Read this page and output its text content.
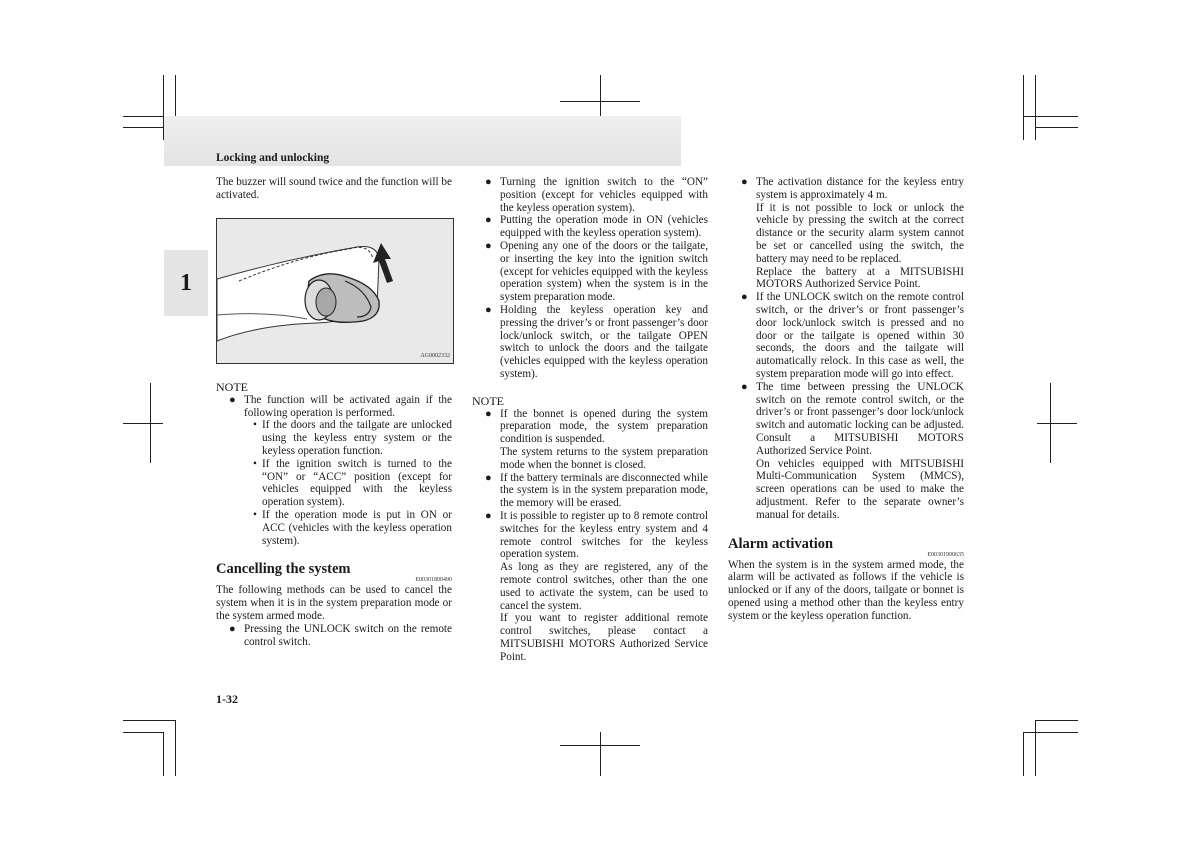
Locking and unlocking
1

The buzzer will sound twice and the function will be activated.

AG0002332

NOTE

● The function will be activated again if the following operation is performed.

• If the doors and the tailgate are unlocked using the keyless entry system or the keyless operation function.

• If the ignition switch is turned to the “ON” or “ACC” position (except for vehicles equipped with the keyless operation system).

• If the operation mode is put in ON or ACC (vehicles with the keyless operation system).

Cancelling the system

E00301800490

The following methods can be used to cancel the system when it is in the system preparation mode or the system armed mode.

● Pressing the UNLOCK switch on the remote control switch.

● Turning the ignition switch to the “ON” position (except for vehicles equipped with the keyless operation system).

● Putting the operation mode in ON (vehicles equipped with the keyless operation system).

● Opening any one of the doors or the tailgate, or inserting the key into the ignition switch (except for vehicles equipped with the keyless operation system) when the system is in the system preparation mode.

● Holding the keyless operation key and pressing the driver’s or front passenger’s door lock/unlock switch, or the tailgate OPEN switch to unlock the doors and the tailgate (vehicles equipped with the keyless operation system).

NOTE

● If the bonnet is opened during the system preparation mode, the system preparation condition is suspended.

The system returns to the system preparation mode when the bonnet is closed.

● If the battery terminals are disconnected while the system is in the system preparation mode, the memory will be erased.

● It is possible to register up to 8 remote control switches for the keyless entry system and 4 remote control switches for the keyless operation system.

As long as they are registered, any of the remote control switches, other than the one used to activate the system, can be used to cancel the system.

If you want to register additional remote control switches, please contact a MITSUBISHI MOTORS Authorized Service Point.

● The activation distance for the keyless entry system is approximately 4 m.

If it is not possible to lock or unlock the vehicle by pressing the switch at the correct distance or the security alarm system cannot be set or cancelled using the switch, the battery may need to be replaced.

Replace the battery at a MITSUBISHI MOTORS Authorized Service Point.

● If the UNLOCK switch on the remote control switch, or the driver’s or front passenger’s door lock/unlock switch is pressed and no door or the tailgate is opened within 30 seconds, the doors and the tailgate will automatically relock. In this case as well, the system preparation mode will go into effect.

● The time between pressing the UNLOCK switch on the remote control switch, or the driver’s or front passenger’s door lock/unlock switch and automatic locking can be adjusted. Consult a MITSUBISHI MOTORS Authorized Service Point.

On vehicles equipped with MITSUBISHI Multi-Communication System (MMCS), screen operations can be used to make the adjustment. Refer to the separate owner’s manual for details.

Alarm activation

E00301900635

When the system is in the system armed mode, the alarm will be activated as follows if the vehicle is unlocked or if any of the doors, tailgate or bonnet is opened using a method other than the keyless entry system or the keyless operation function.

1-32
